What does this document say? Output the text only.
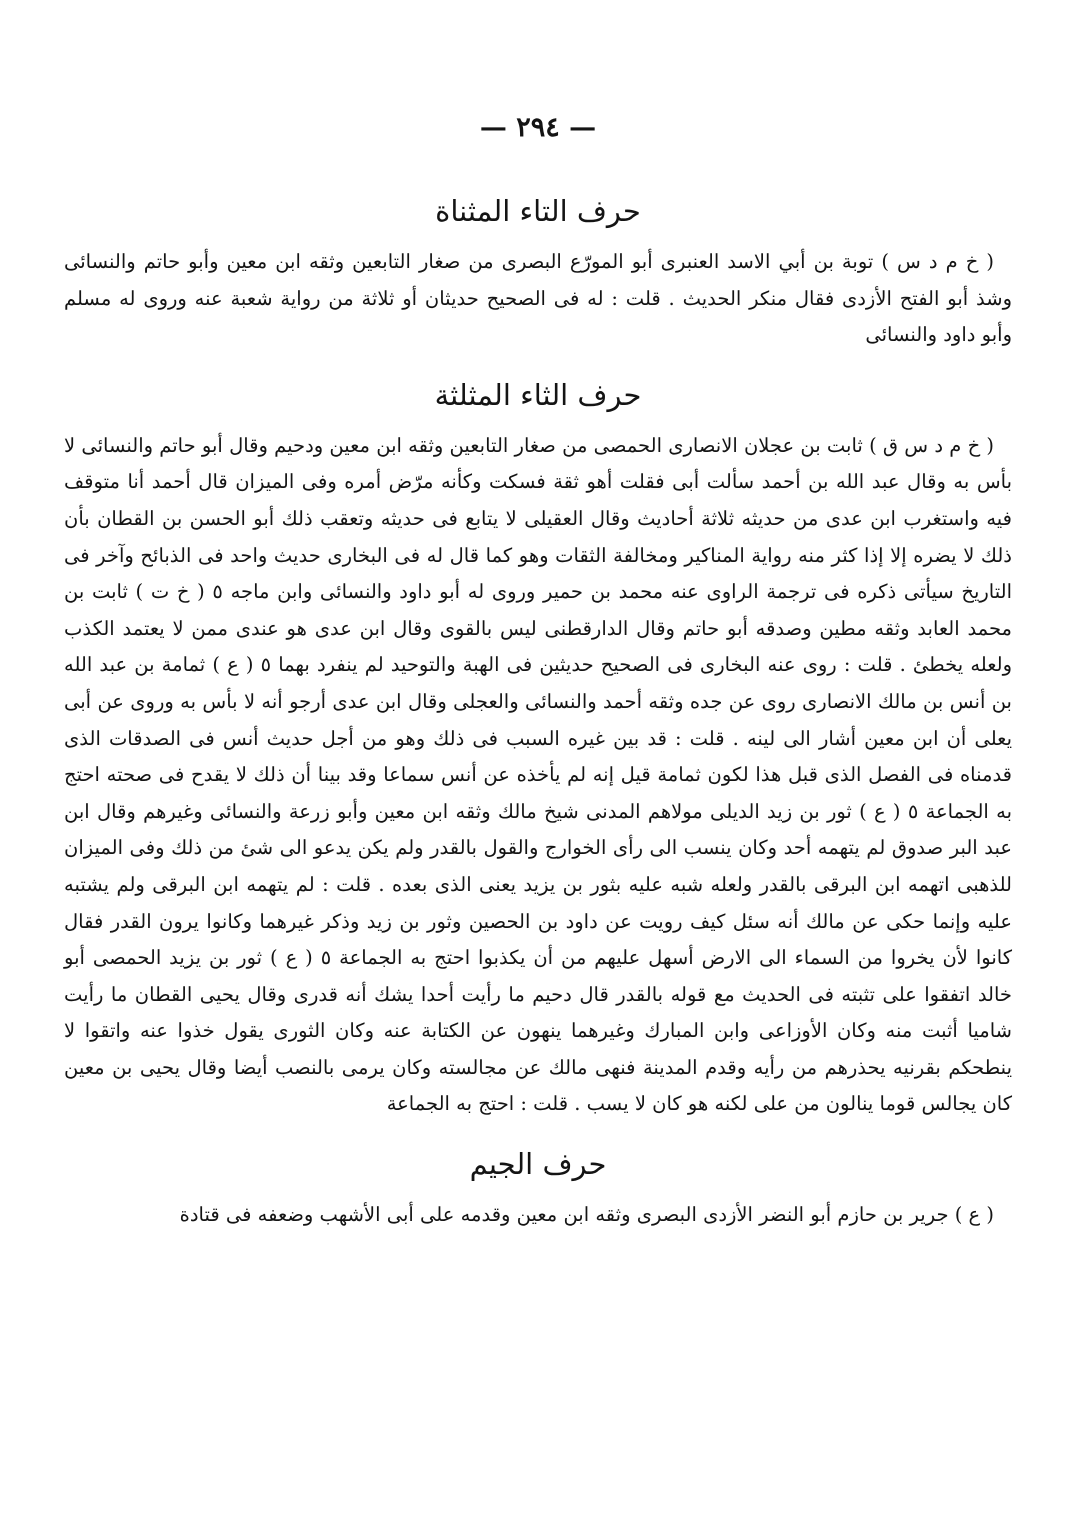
— ٢٩٤ —
حرف التاء المثناة

( خ م د س ) توبة بن أبي الاسد العنبرى أبو المورّع البصرى من صغار التابعين وثقه ابن معين وأبو حاتم والنسائى وشذ أبو الفتح الأزدى فقال منكر الحديث . قلت : له فى الصحيح حديثان أو ثلاثة من رواية شعبة عنه وروى له مسلم وأبو داود والنسائى

حرف الثاء المثلثة

( خ م د س ق ) ثابت بن عجلان الانصارى الحمصى من صغار التابعين وثقه ابن معين ودحيم وقال أبو حاتم والنسائى لا بأس به وقال عبد الله بن أحمد سألت أبى فقلت أهو ثقة فسكت وكأنه مرّض أمره وفى الميزان قال أحمد أنا متوقف فيه واستغرب ابن عدى من حديثه ثلاثة أحاديث وقال العقيلى لا يتابع فى حديثه وتعقب ذلك أبو الحسن بن القطان بأن ذلك لا يضره إلا إذا كثر منه رواية المناكير ومخالفة الثقات وهو كما قال له فى البخارى حديث واحد فى الذبائح وآخر فى التاريخ سيأتى ذكره فى ترجمة الراوى عنه محمد بن حمير وروى له أبو داود والنسائى وابن ماجه ٥ ( خ ت ) ثابت بن محمد العابد وثقه مطين وصدقه أبو حاتم وقال الدارقطنى ليس بالقوى وقال ابن عدى هو عندى ممن لا يعتمد الكذب ولعله يخطئ . قلت : روى عنه البخارى فى الصحيح حديثين فى الهبة والتوحيد لم ينفرد بهما ٥ ( ع ) ثمامة بن عبد الله بن أنس بن مالك الانصارى روى عن جده وثقه أحمد والنسائى والعجلى وقال ابن عدى أرجو أنه لا بأس به وروى عن أبى يعلى أن ابن معين أشار الى لينه . قلت : قد بين غيره السبب فى ذلك وهو من أجل حديث أنس فى الصدقات الذى قدمناه فى الفصل الذى قبل هذا لكون ثمامة قيل إنه لم يأخذه عن أنس سماعا وقد بينا أن ذلك لا يقدح فى صحته احتج به الجماعة ٥ ( ع ) ثور بن زيد الديلى مولاهم المدنى شيخ مالك وثقه ابن معين وأبو زرعة والنسائى وغيرهم وقال ابن عبد البر صدوق لم يتهمه أحد وكان ينسب الى رأى الخوارج والقول بالقدر ولم يكن يدعو الى شئ من ذلك وفى الميزان للذهبى اتهمه ابن البرقى بالقدر ولعله شبه عليه بثور بن يزيد يعنى الذى بعده . قلت : لم يتهمه ابن البرقى ولم يشتبه عليه وإنما حكى عن مالك أنه سئل كيف رويت عن داود بن الحصين وثور بن زيد وذكر غيرهما وكانوا يرون القدر فقال كانوا لأن يخروا من السماء الى الارض أسهل عليهم من أن يكذبوا احتج به الجماعة ٥ ( ع ) ثور بن يزيد الحمصى أبو خالد اتفقوا على تثبته فى الحديث مع قوله بالقدر قال دحيم ما رأيت أحدا يشك أنه قدرى وقال يحيى القطان ما رأيت شاميا أثبت منه وكان الأوزاعى وابن المبارك وغيرهما ينهون عن الكتابة عنه وكان الثورى يقول خذوا عنه واتقوا لا ينطحكم بقرنيه يحذرهم من رأيه وقدم المدينة فنهى مالك عن مجالسته وكان يرمى بالنصب أيضا وقال يحيى بن معين كان يجالس قوما ينالون من على لكنه هو كان لا يسب . قلت : احتج به الجماعة

حرف الجيم

( ع ) جرير بن حازم أبو النضر الأزدى البصرى وثقه ابن معين وقدمه على أبى الأشهب وضعفه فى قتادة
